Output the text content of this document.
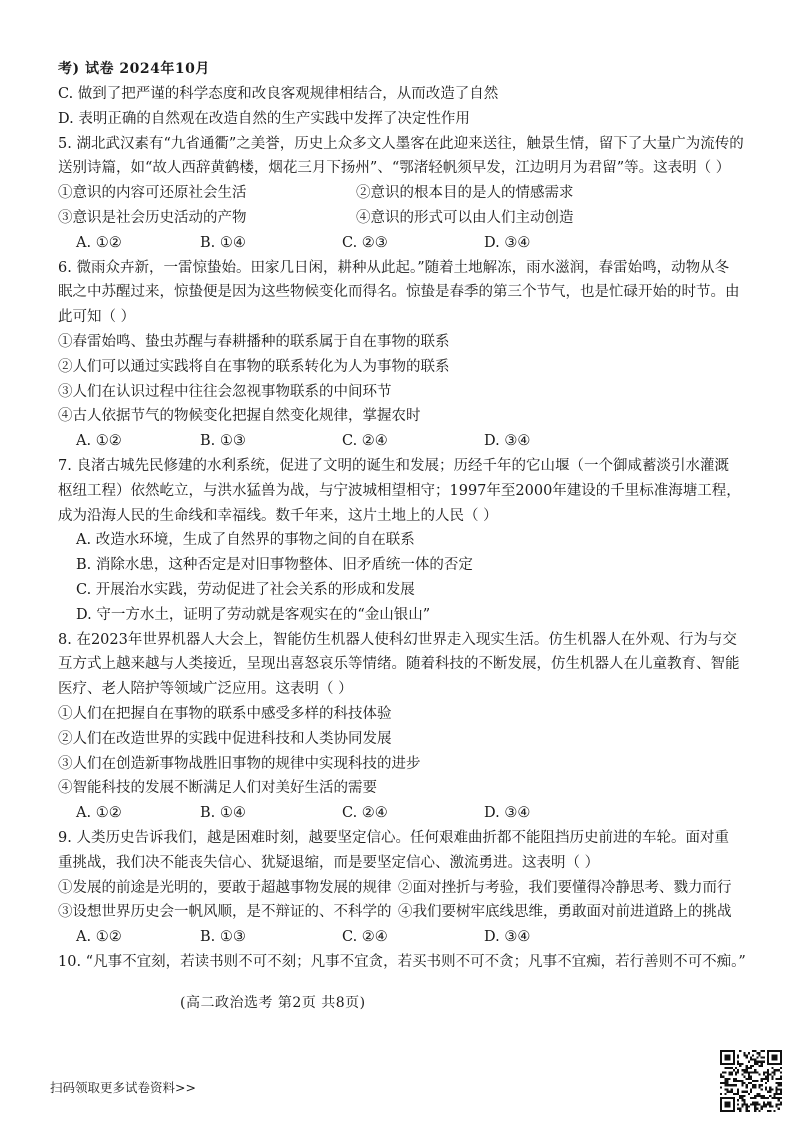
考) 试卷 2024年10月
C. 做到了把严谨的科学态度和改良客观规律相结合，从而改造了自然
D. 表明正确的自然观在改造自然的生产实践中发挥了决定性作用
5. 湖北武汉素有“九省通衢”之美誉，历史上众多文人墨客在此迎来送往，触景生情，留下了大量广为流传的
送别诗篇，如“故人西辞黄鹤楼，烟花三月下扬州”、“鄂渚轻帆须早发，江边明月为君留”等。这表明（ ）
①意识的内容可还原社会生活	②意识的根本目的是人的情感需求
③意识是社会历史活动的产物	④意识的形式可以由人们主动创造
A. ①②	B. ①④	C. ②③	D. ③④
6. 微雨众卉新，一雷惊蛰始。田家几日闲，耕种从此起。”随着土地解冻，雨水滋润，春雷始鸣，动物从冬
眠之中苏醒过来，惊蛰便是因为这些物候变化而得名。惊蛰是春季的第三个节气，也是忙碌开始的时节。由
此可知（ ）
①春雷始鸣、蛰虫苏醒与春耕播种的联系属于自在事物的联系
②人们可以通过实践将自在事物的联系转化为人为事物的联系
③人们在认识过程中往往会忽视事物联系的中间环节
④古人依据节气的物候变化把握自然变化规律，掌握农时
A. ①②	B. ①③	C. ②④	D. ③④
7. 良渚古城先民修建的水利系统，促进了文明的诞生和发展；历经千年的它山堰（一个御咸蓄淡引水灌溉
枢纽工程）依然屹立，与洪水猛兽为战，与宁波城相望相守；1997年至2000年建设的千里标准海塘工程，
成为沿海人民的生命线和幸福线。数千年来，这片土地上的人民（ ）
A. 改造水环境，生成了自然界的事物之间的自在联系
B. 消除水患，这种否定是对旧事物整体、旧矛盾统一体的否定
C. 开展治水实践，劳动促进了社会关系的形成和发展
D. 守一方水土，证明了劳动就是客观实在的“金山银山”
8. 在2023年世界机器人大会上，智能仿生机器人使科幻世界走入现实生活。仿生机器人在外观、行为与交
互方式上越来越与人类接近，呈现出喜怒哀乐等情绪。随着科技的不断发展，仿生机器人在儿童教育、智能
医疗、老人陪护等领域广泛应用。这表明（ ）
①人们在把握自在事物的联系中感受多样的科技体验
②人们在改造世界的实践中促进科技和人类协同发展
③人们在创造新事物战胜旧事物的规律中实现科技的进步
④智能科技的发展不断满足人们对美好生活的需要
A. ①②	B. ①④	C. ②④	D. ③④
9. 人类历史告诉我们，越是困难时刻，越要坚定信心。任何艰难曲折都不能阻挡历史前进的车轮。面对重
重挑战，我们决不能丧失信心、犹疑退缩，而是要坚定信心、激流勇进。这表明（ ）
①发展的前途是光明的，要敢于超越事物发展的规律 ②面对挫折与考验，我们要懂得冷静思考、戮力而行
③设想世界历史会一帆风顺，是不辩证的、不科学的 ④我们要树牢底线思维，勇敢面对前进道路上的挑战
A. ①②	B. ①③	C. ②④	D. ③④
10. “凡事不宜刻，若读书则不可不刻；凡事不宜贪，若买书则不可不贪；凡事不宜痴，若行善则不可不痴。”
(高二政治选考 第2页 共8页)
扫码领取更多试卷资料>>
